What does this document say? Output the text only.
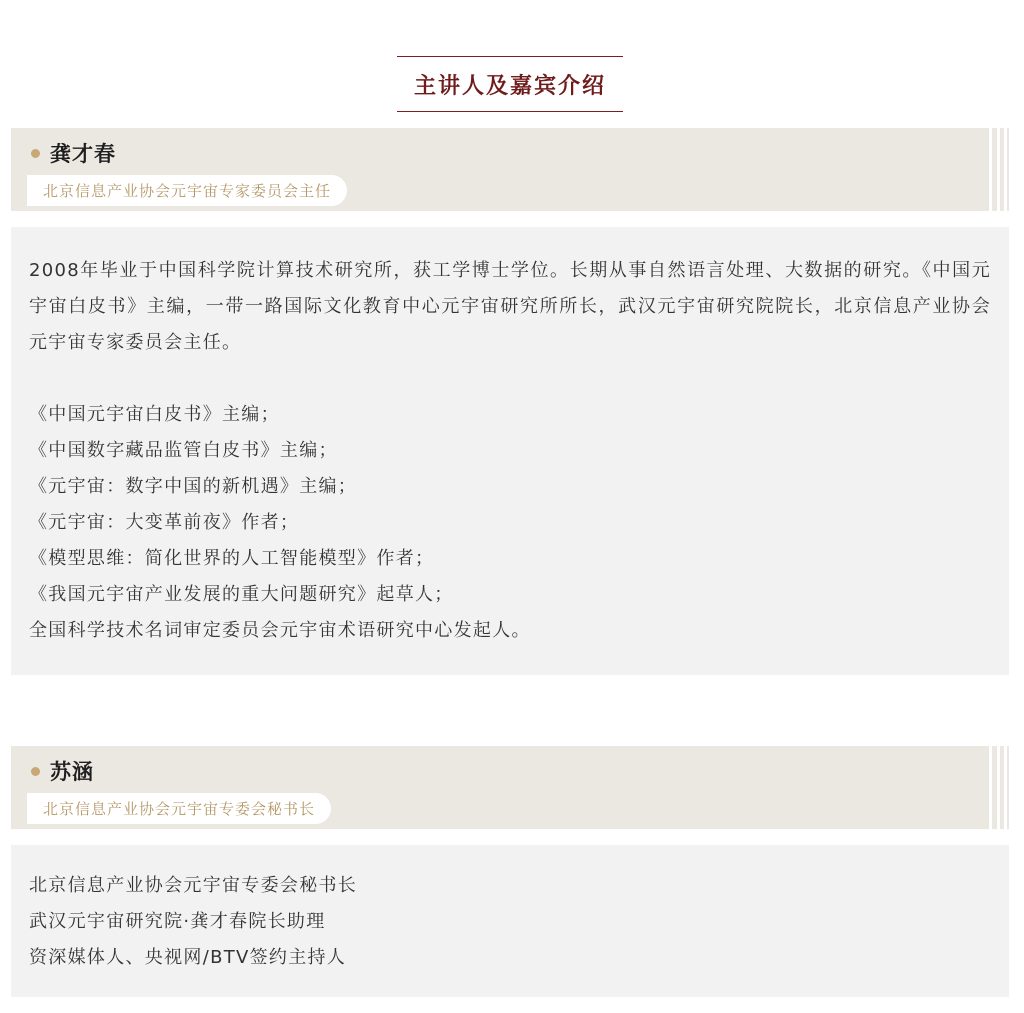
主讲人及嘉宾介绍
龚才春
北京信息产业协会元宇宙专家委员会主任

2008年毕业于中国科学院计算技术研究所，获工学博士学位。长期从事自然语言处理、大数据的研究。《中国元宇宙白皮书》主编，一带一路国际文化教育中心元宇宙研究所所长，武汉元宇宙研究院院长，北京信息产业协会元宇宙专家委员会主任。

《中国元宇宙白皮书》主编；
《中国数字藏品监管白皮书》主编；
《元宇宙：数字中国的新机遇》主编；
《元宇宙：大变革前夜》作者；
《模型思维：简化世界的人工智能模型》作者；
《我国元宇宙产业发展的重大问题研究》起草人；
全国科学技术名词审定委员会元宇宙术语研究中心发起人。
苏涵
北京信息产业协会元宇宙专委会秘书长
北京信息产业协会元宇宙专委会秘书长
武汉元宇宙研究院·龚才春院长助理
资深媒体人、央视网/BTV签约主持人
